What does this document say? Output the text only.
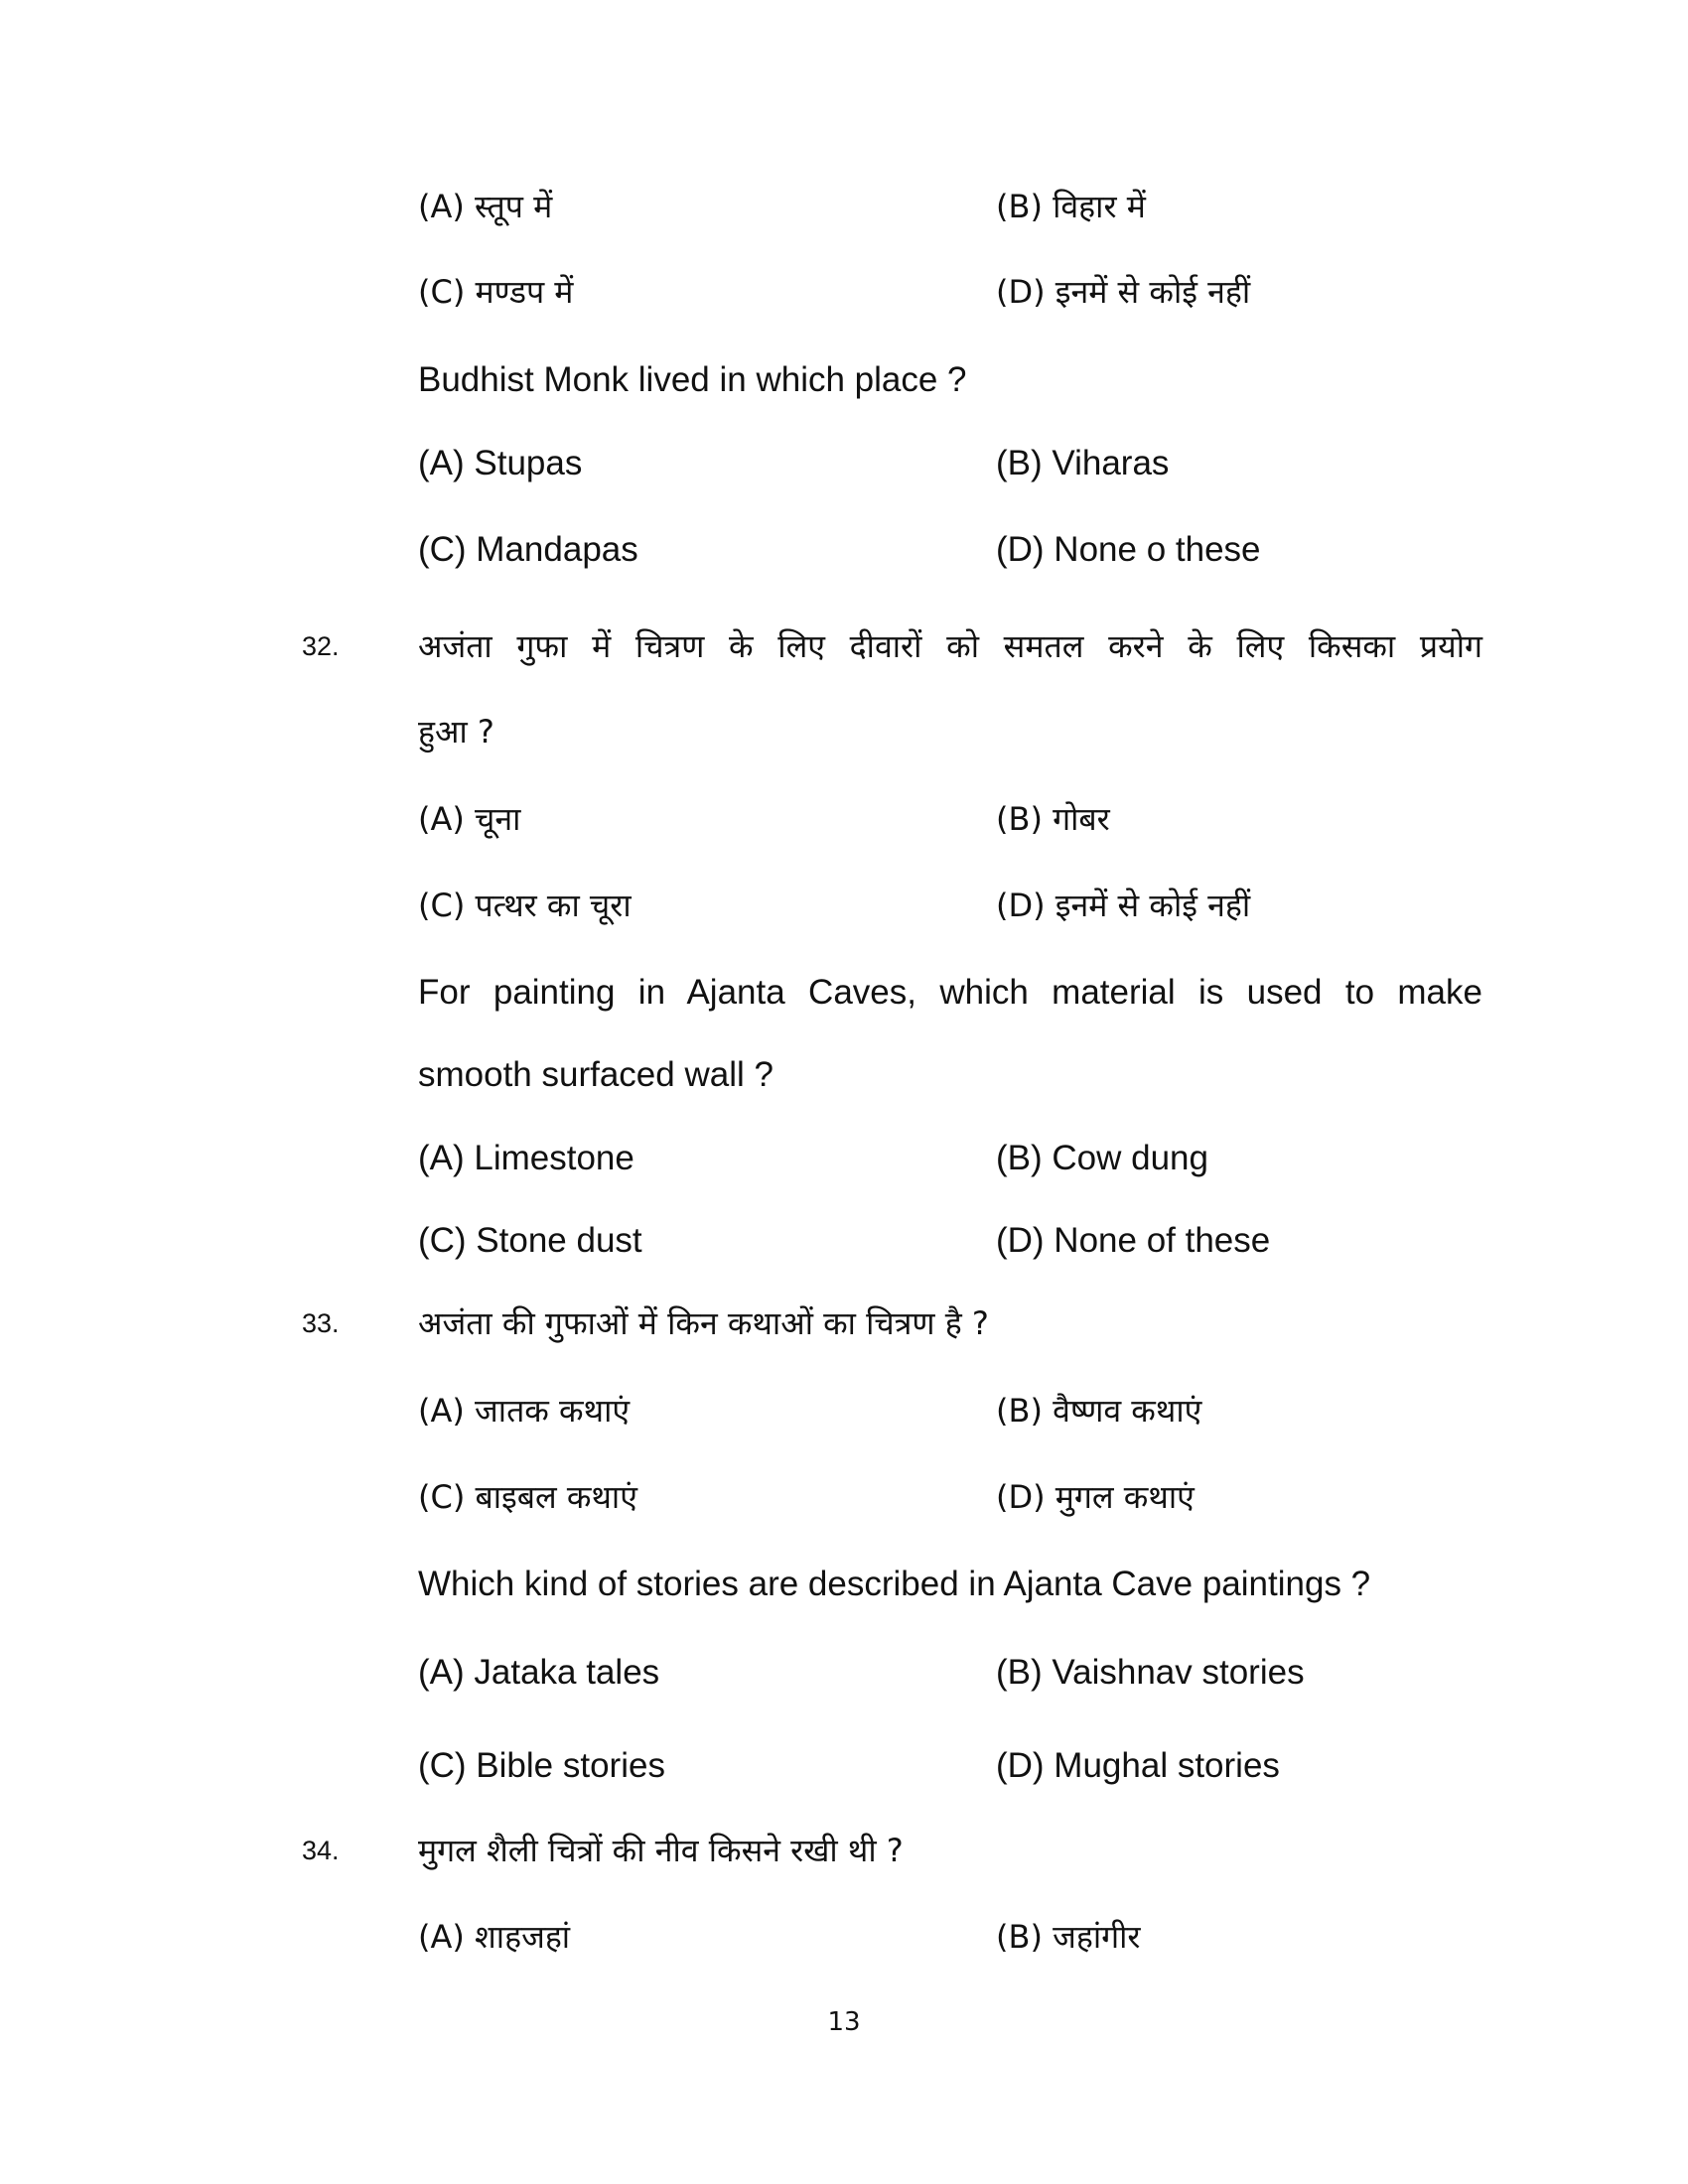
(A) स्तूप में	(B) विहार में
(C) मण्डप में	(D) इनमें से कोई नहीं
Budhist Monk lived in which place ?
(A) Stupas	(B) Viharas
(C) Mandapas	(D) None o these
32. अजंता गुफा में चित्रण के लिए दीवारों को समतल करने के लिए किसका प्रयोग
हुआ ?
(A) चूना	(B) गोबर
(C) पत्थर का चूरा	(D) इनमें से कोई नहीं
For painting in Ajanta Caves, which material is used to make
smooth surfaced wall ?
(A) Limestone	(B) Cow dung
(C) Stone dust	(D) None of these
33. अजंता की गुफाओं में किन कथाओं का चित्रण है ?
(A) जातक कथाएं	(B) वैष्णव कथाएं
(C) बाइबल कथाएं	(D) मुगल कथाएं
Which kind of stories are described in Ajanta Cave paintings ?
(A) Jataka tales	(B) Vaishnav stories
(C) Bible stories	(D) Mughal stories
34. मुगल शैली चित्रों की नीव किसने रखी थी ?
(A) शाहजहां	(B) जहांगीर
13
